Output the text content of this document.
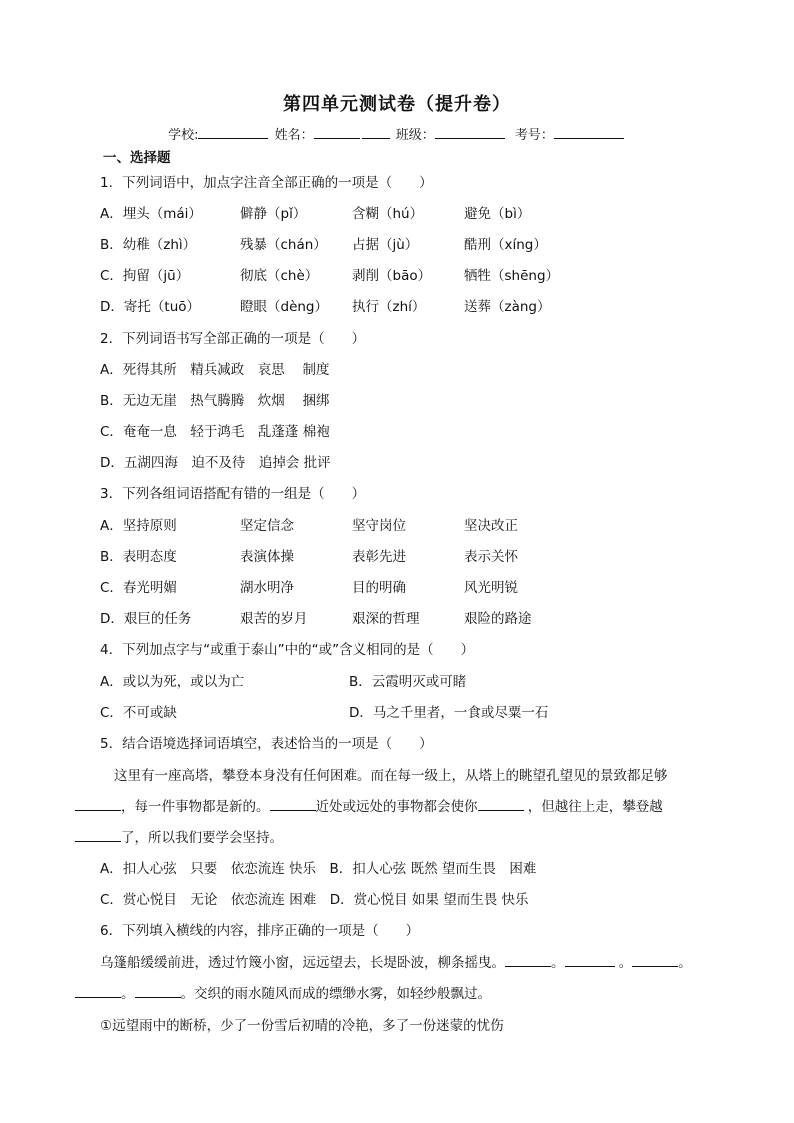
第四单元测试卷（提升卷）
学校:	姓名：	班级：	考号：
一、选择题
1．下列词语中，加点字注音全部正确的一项是（　　）
A．埋头（mái）	僻静（pǐ）	含糊（hú）	避免（bì）
B．幼稚（zhì）	残暴（chán） 占据（jù）	酷刑（xíng）
C．拘留（jū）	彻底（chè） 剥削（bāo） 牺牲（shēng）
D．寄托（tuō）	瞪眼（dèng） 执行（zhí）	送葬（zàng）
2．下列词语书写全部正确的一项是（　　）
A．死得其所　精兵减政　哀思　 制度
B．无边无崖　热气腾腾　炊烟　 捆绑
C．奄奄一息　轻于鸿毛　乱蓬蓬 棉袍
D．五湖四海　迫不及待　追掉会 批评
3．下列各组词语搭配有错的一组是（　　）
A．坚持原则	坚定信念	坚守岗位	坚决改正
B．表明态度	表演体操	表彰先进	表示关怀
C．春光明媚	湖水明净	目的明确	风光明锐
D．艰巨的任务	艰苦的岁月	艰深的哲理	艰险的路途
4．下列加点字与“或重于泰山”中的“或”含义相同的是（　　）
A．或以为死，或以为亡	B．云霞明灭或可睹
C．不可或缺	D．马之千里者，一食或尽粟一石
5．结合语境选择词语填空，表述恰当的一项是（　　）
这里有一座高塔，攀登本身没有任何困难。而在每一级上，从塔上的眺望孔望见的景致都足够
，每一件事物都是新的。	近处或远处的事物都会使你	，但越往上走，攀登越
了，所以我们要学会坚持。
A．扣人心弦　只要　依恋流连 快乐　B．扣人心弦 既然 望而生畏　困难
C．赏心悦目　无论　依恋流连 困难　D．赏心悦目 如果 望而生畏 快乐
6．下列填入横线的内容，排序正确的一项是（　　）
乌篷船缓缓前进，透过竹篾小窗，远远望去，长堤卧波，柳条摇曳。	。	。	。
。	。交织的雨水随风而成的缥缈水雾，如轻纱般飘过。
①远望雨中的断桥，少了一份雪后初晴的冷艳，多了一份迷蒙的忧伤
